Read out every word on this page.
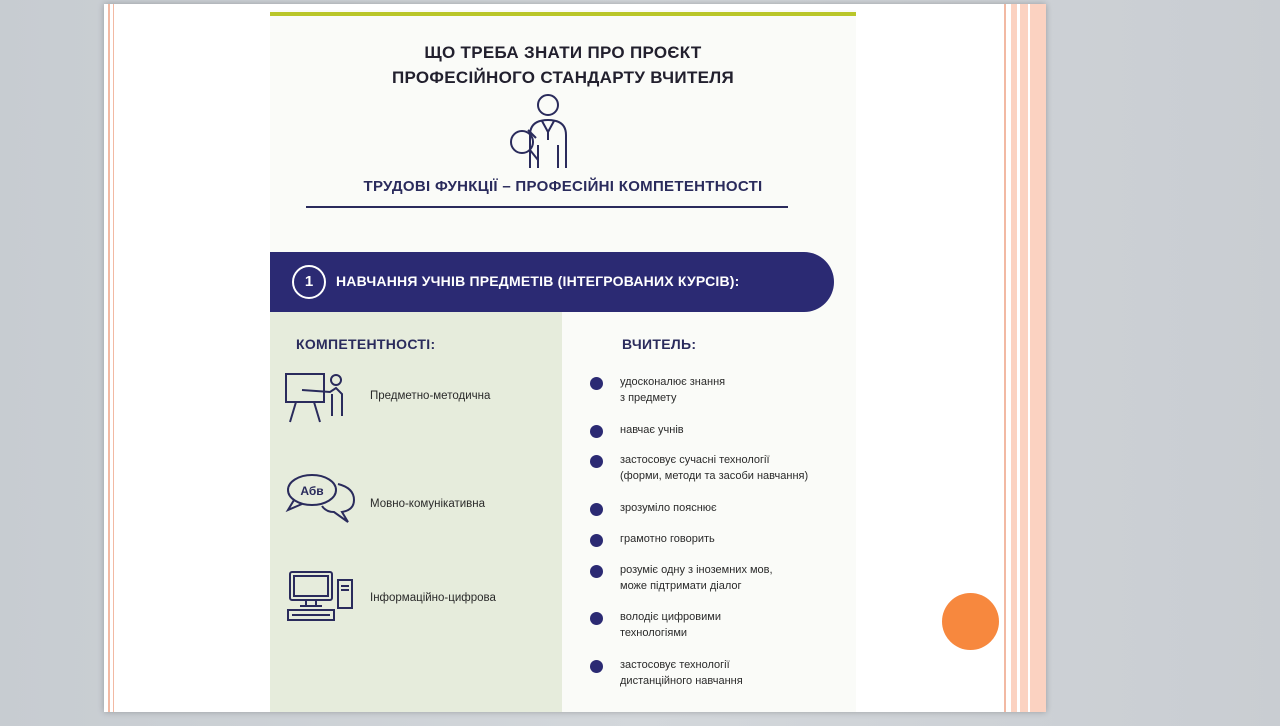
ЩО ТРЕБА ЗНАТИ ПРО ПРОЄКТ
ПРОФЕСІЙНОГО СТАНДАРТУ ВЧИТЕЛЯ
ТРУДОВІ ФУНКЦІЇ – ПРОФЕСІЙНІ КОМПЕТЕНТНОСТІ
1	НАВЧАННЯ УЧНІВ ПРЕДМЕТІВ (ІНТЕГРОВАНИХ КУРСІВ):
КОМПЕТЕНТНОСТІ:
Предметно-методична
Абв
Мовно-комунікативна
Інформаційно-цифрова
ВЧИТЕЛЬ:
удосконалює знання
з предмету
навчає учнів
застосовує сучасні технології
(форми, методи та засоби навчання)
зрозуміло пояснює
грамотно говорить
розуміє одну з іноземних мов,
може підтримати діалог
володіє цифровими
технологіями
застосовує технології
дистанційного навчання
